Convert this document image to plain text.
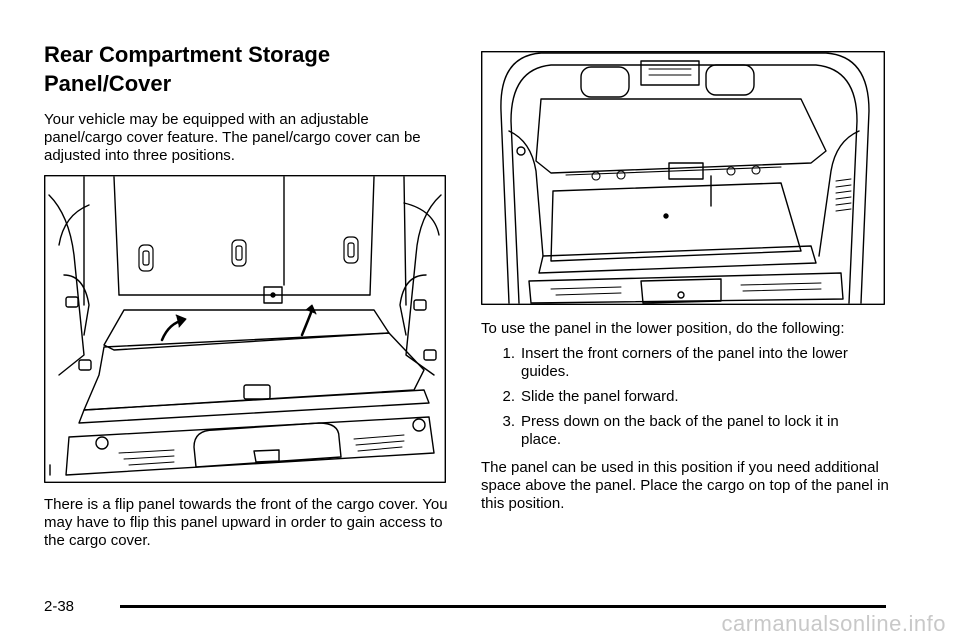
Rear Compartment Storage Panel/Cover

Your vehicle may be equipped with an adjustable panel/cargo cover feature. The panel/cargo cover can be adjusted into three positions.

There is a flip panel towards the front of the cargo cover. You may have to flip this panel upward in order to gain access to the cargo cover.

To use the panel in the lower position, do the following:

1. Insert the front corners of the panel into the lower guides.
2. Slide the panel forward.
3. Press down on the back of the panel to lock it in place.

The panel can be used in this position if you need additional space above the panel. Place the cargo on top of the panel in this position.

2-38
carmanualsonline.info
